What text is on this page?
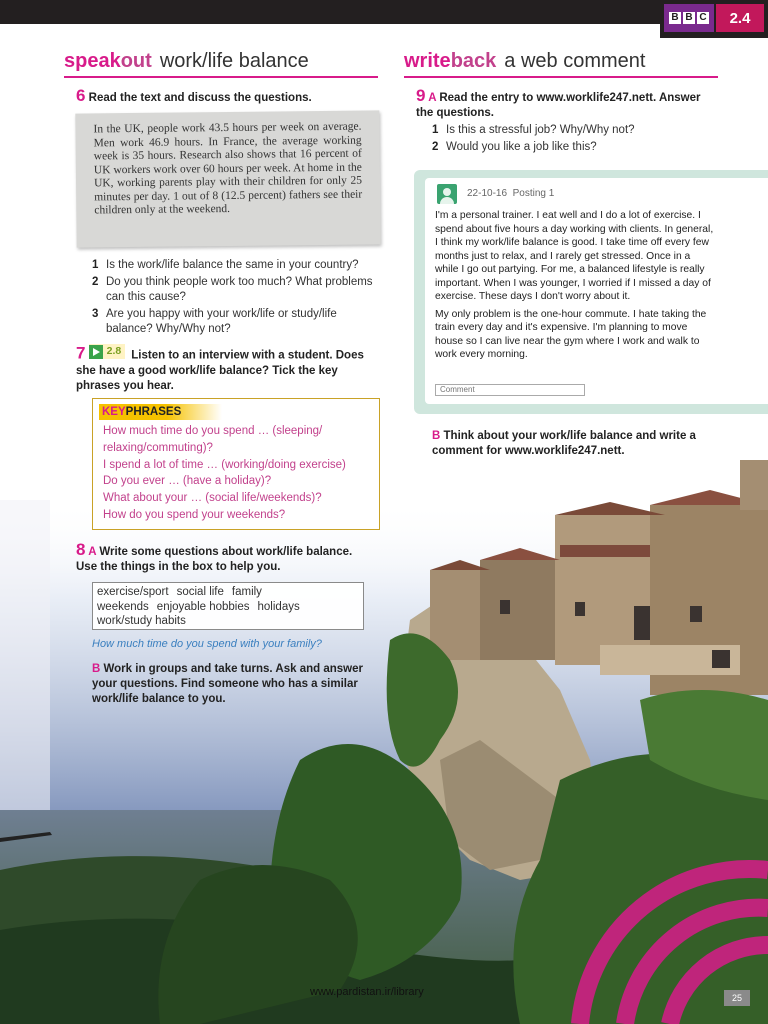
B B C	2.4
speakout work/life balance
6 Read the text and discuss the questions.

In the UK, people work 43.5 hours per week on average. Men work 46.9 hours. In France, the average working week is 35 hours. Research also shows that 16 percent of UK workers work over 60 hours per week. At home in the UK, working parents play with their children for only 25 minutes per day. 1 out of 8 (12.5 percent) fathers see their children only at the weekend.

1 Is the work/life balance the same in your country?
2 Do you think people work too much? What problems can this cause?
3 Are you happy with your work/life or study/life balance? Why/Why not?
7	2.8 Listen to an interview with a student. Does she have a good work/life balance? Tick the key phrases you hear.
KEYPHRASES
How much time do you spend … (sleeping/
relaxing/commuting)?
I spend a lot of time … (working/doing exercise)
Do you ever … (have a holiday)?
What about your … (social life/weekends)?
How do you spend your weekends?
8 A Write some questions about work/life balance. Use the things in the box to help you.
exercise/sport social life family
weekends enjoyable hobbies holidays
work/study habits
How much time do you spend with your family?
B Work in groups and take turns. Ask and answer your questions. Find someone who has a similar work/life balance to you.
writeback a web comment
9 A Read the entry to www.worklife247.nett. Answer the questions.
1 Is this a stressful job? Why/Why not?
2 Would you like a job like this?
22-10-16 Posting 1

I'm a personal trainer. I eat well and I do a lot of exercise. I spend about five hours a day working with clients. In general, I think my work/life balance is good. I take time off every few months just to relax, and I rarely get stressed. Once in a while I go out partying. For me, a balanced lifestyle is really important. When I was younger, I worried if I missed a day of exercise. These days I don't worry about it.

My only problem is the one-hour commute. I hate taking the train every day and it's expensive. I'm planning to move house so I can live near the gym where I work and walk to work every morning.

Comment
B Think about your work/life balance and write a comment for www.worklife247.nett.
www.pardistan.ir/library	25
